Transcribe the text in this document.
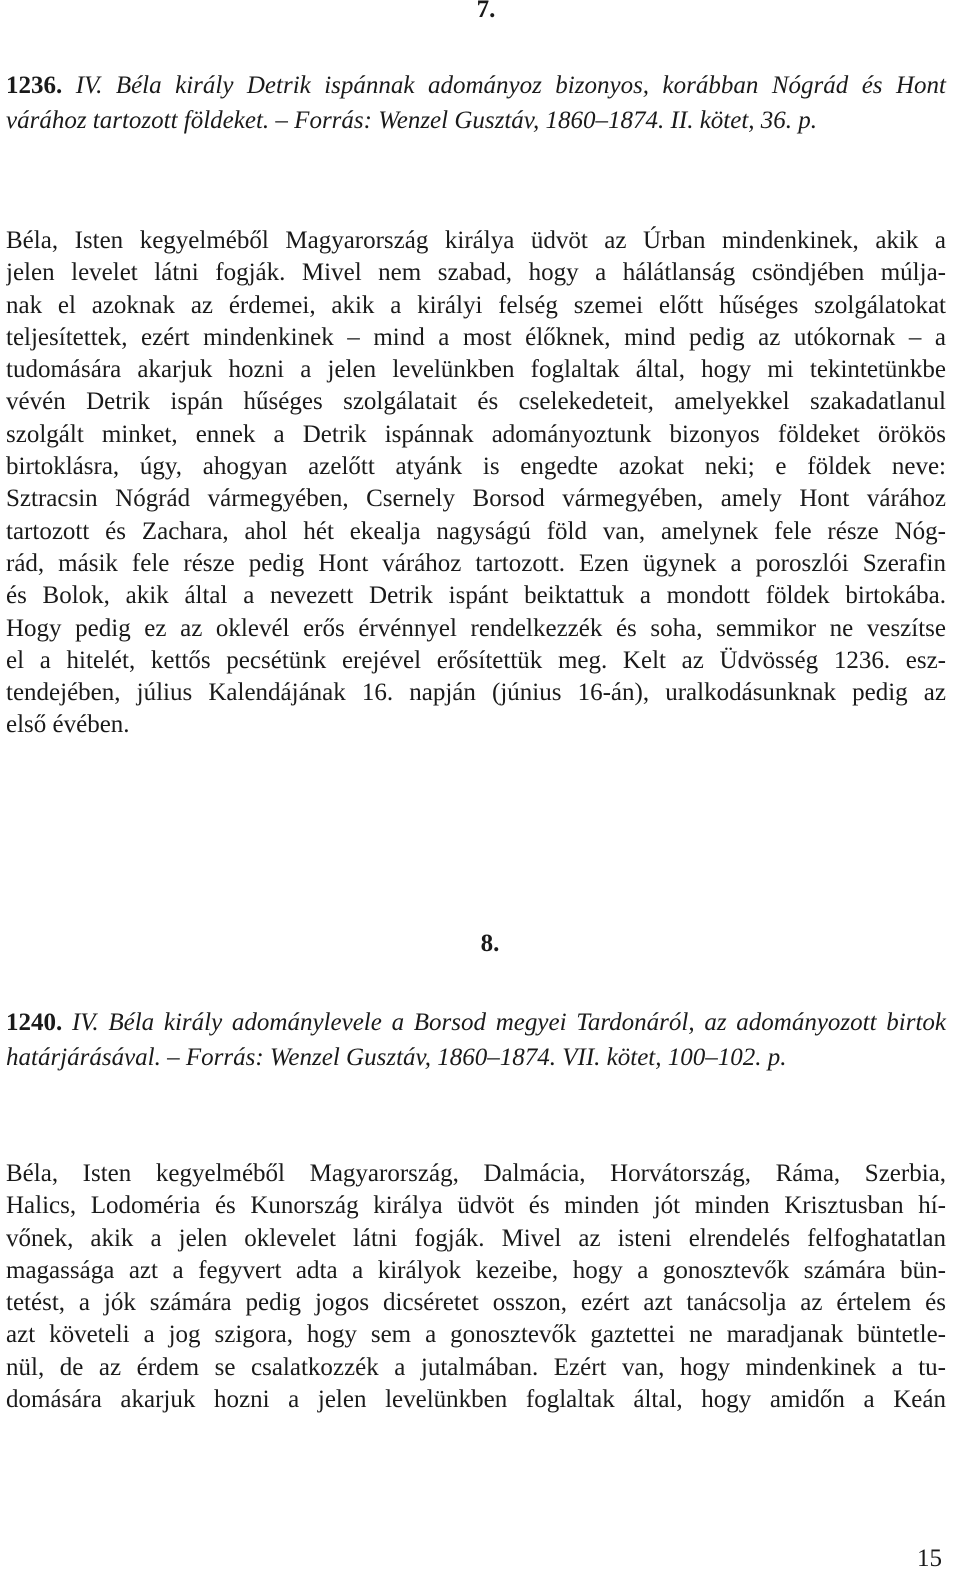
7.

1236. IV. Béla király Detrik ispánnak adományoz bizonyos, korábban Nógrád és Hont várához tartozott földeket. – Forrás: Wenzel Gusztáv, 1860–1874. II. kötet, 36. p.

Béla, Isten kegyelméből Magyarország királya üdvöt az Úrban mindenkinek, akik a
jelen levelet látni fogják. Mivel nem szabad, hogy a hálátlanság csöndjében múlja-
nak el azoknak az érdemei, akik a királyi felség szemei előtt hűséges szolgálatokat
teljesítettek, ezért mindenkinek – mind a most élőknek, mind pedig az utókornak – a
tudomására akarjuk hozni a jelen levelünkben foglaltak által, hogy mi tekintetünkbe
vévén Detrik ispán hűséges szolgálatait és cselekedeteit, amelyekkel szakadatlanul
szolgált minket, ennek a Detrik ispánnak adományoztunk bizonyos földeket örökös
birtoklásra, úgy, ahogyan azelőtt atyánk is engedte azokat neki; e földek neve:
Sztracsin Nógrád vármegyében, Csernely Borsod vármegyében, amely Hont várához
tartozott és Zachara, ahol hét ekealja nagyságú föld van, amelynek fele része Nóg-
rád, másik fele része pedig Hont várához tartozott. Ezen ügynek a poroszlói Szerafin
és Bolok, akik által a nevezett Detrik ispánt beiktattuk a mondott földek birtokába.
Hogy pedig ez az oklevél erős érvénnyel rendelkezzék és soha, semmikor ne veszítse
el a hitelét, kettős pecsétünk erejével erősítettük meg. Kelt az Üdvösség 1236. esz-
tendejében, július Kalendájának 16. napján (június 16-án), uralkodásunknak pedig az
első évében.
8.

1240. IV. Béla király adománylevele a Borsod megyei Tardonáról, az adományozott birtok határjárásával. – Forrás: Wenzel Gusztáv, 1860–1874. VII. kötet, 100–102. p.

Béla, Isten kegyelméből Magyarország, Dalmácia, Horvátország, Ráma, Szerbia,
Halics, Lodoméria és Kunország királya üdvöt és minden jót minden Krisztusban hí-
vőnek, akik a jelen oklevelet látni fogják. Mivel az isteni elrendelés felfoghatatlan
magassága azt a fegyvert adta a királyok kezeibe, hogy a gonosztevők számára bün-
tetést, a jók számára pedig jogos dicséretet osszon, ezért azt tanácsolja az értelem és
azt követeli a jog szigora, hogy sem a gonosztevők gaztettei ne maradjanak büntetle-
nül, de az érdem se csalatkozzék a jutalmában. Ezért van, hogy mindenkinek a tu-
domására akarjuk hozni a jelen levelünkben foglaltak által, hogy amidőn a Keán

15
